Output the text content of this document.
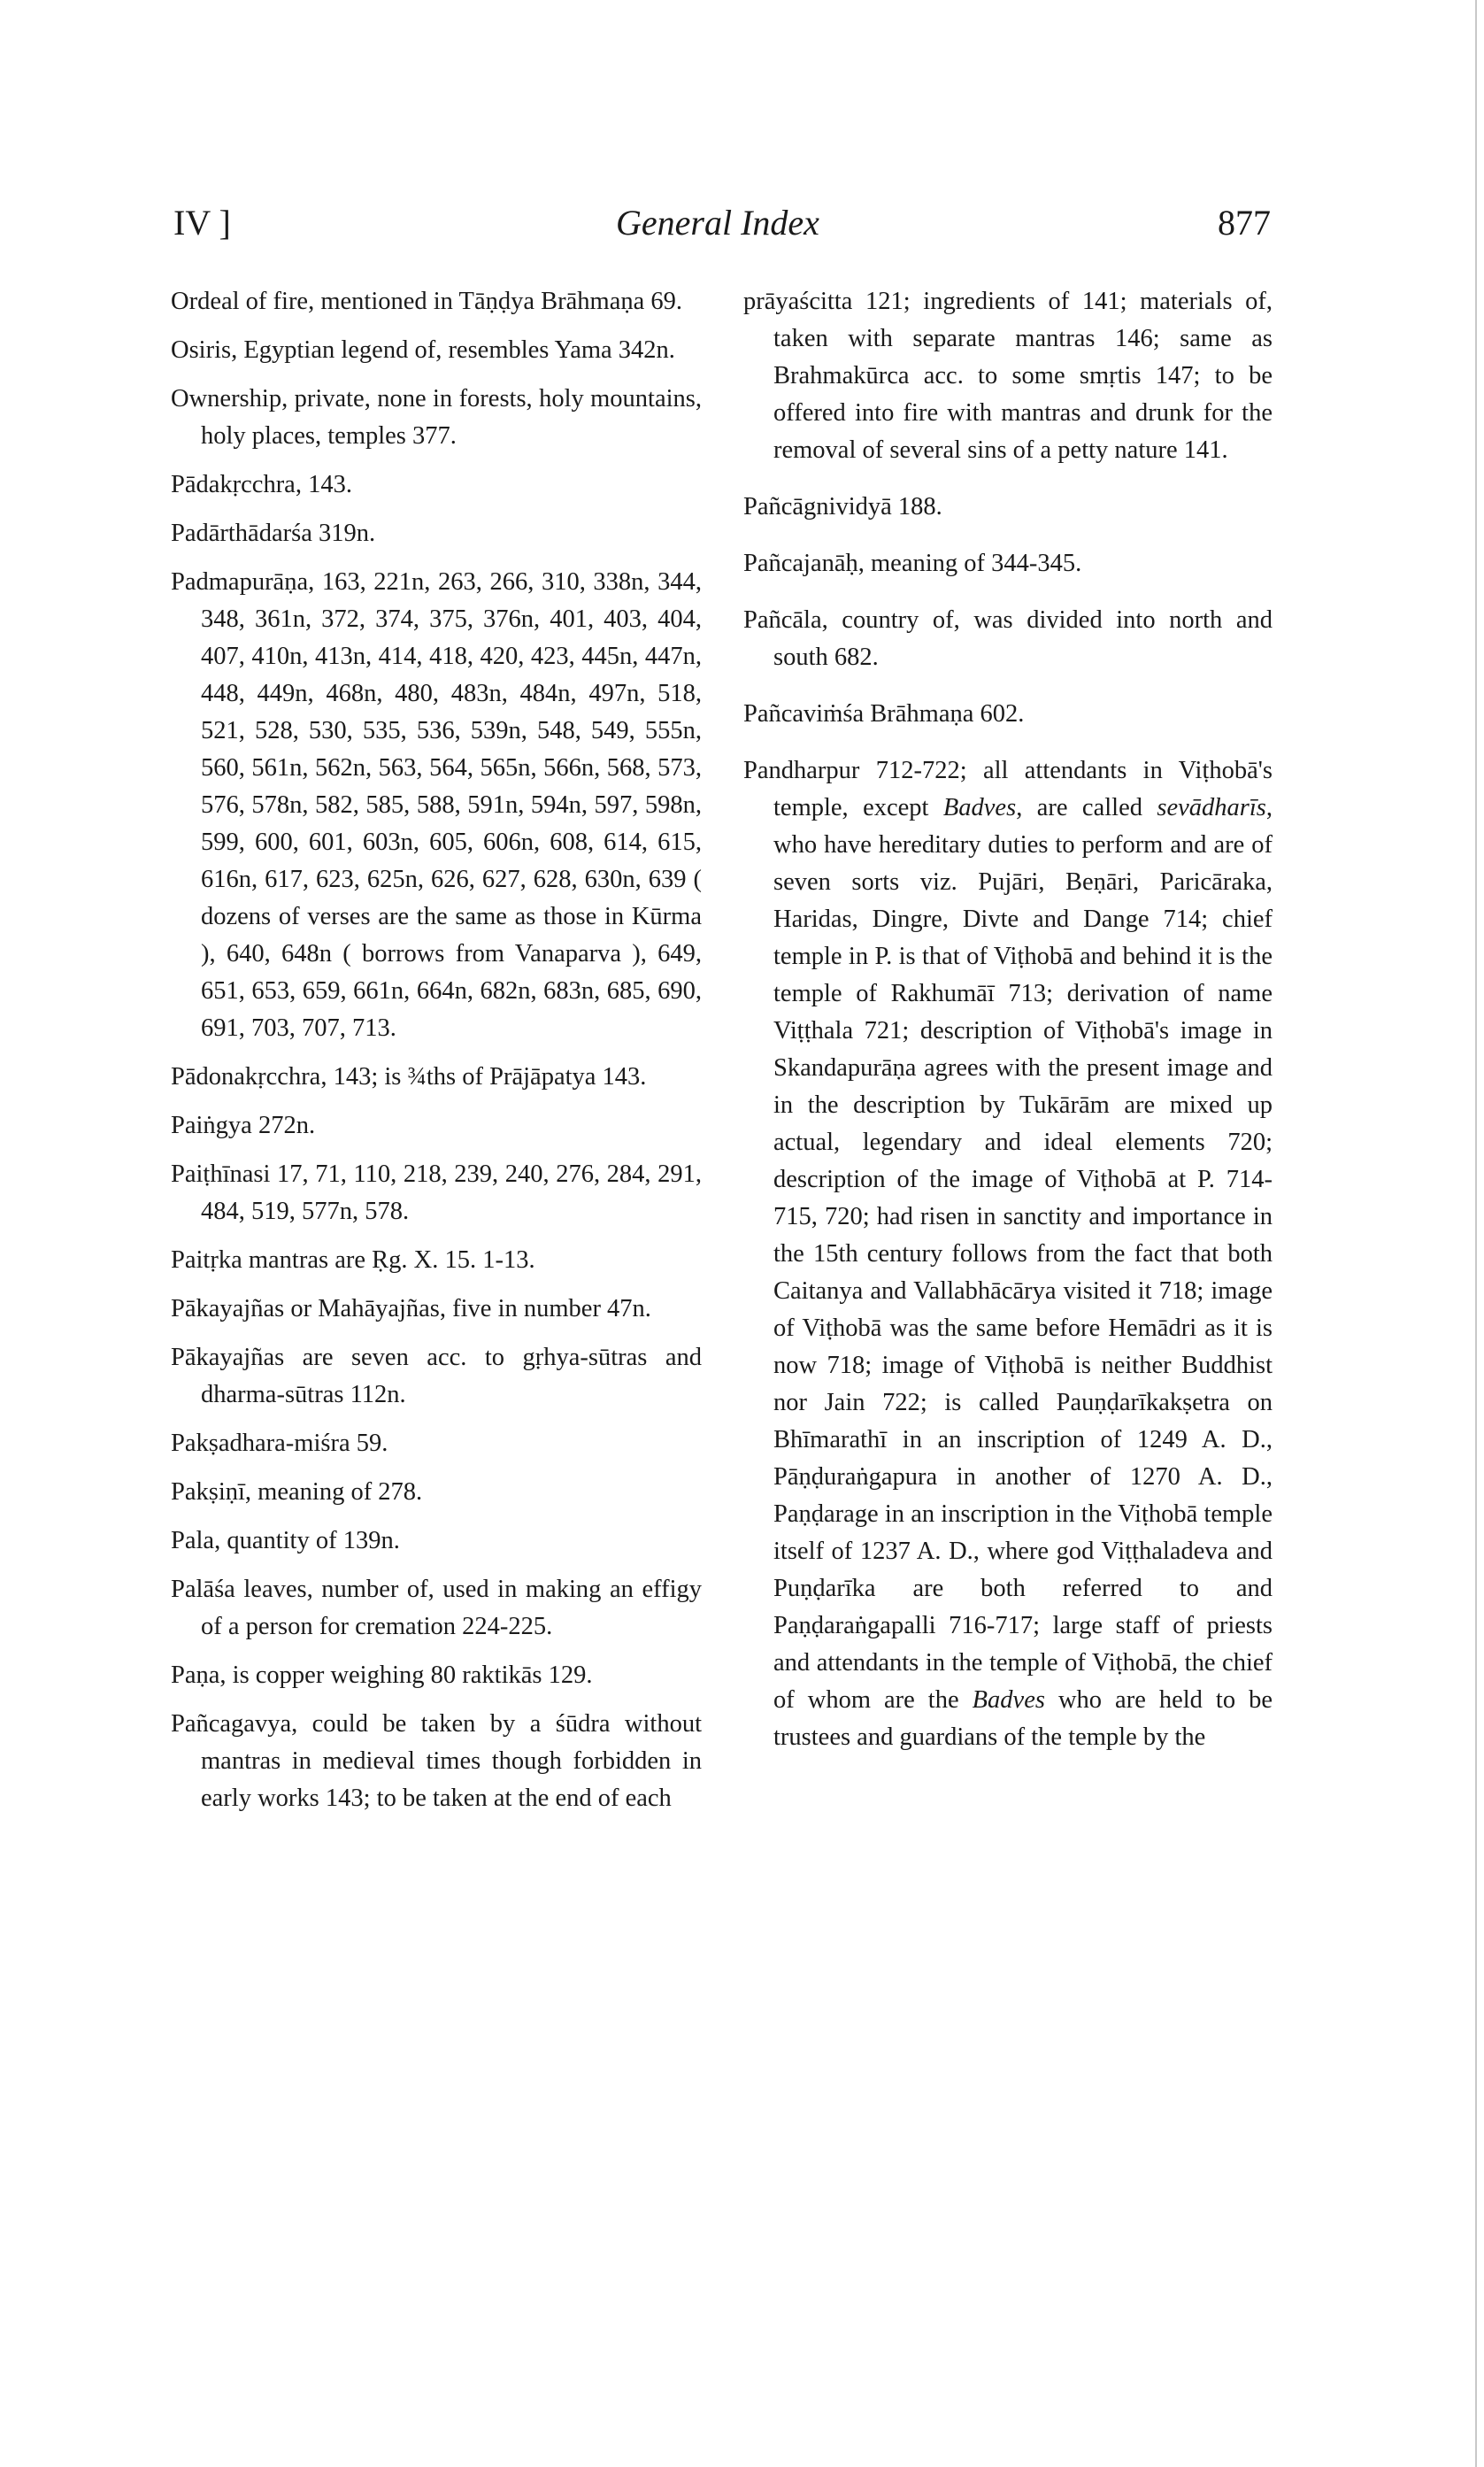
IV ]	General Index	877

Ordeal of fire, mentioned in Tāṇḍya Brāhmaṇa 69.

Osiris, Egyptian legend of, resembles Yama 342n.

Ownership, private, none in forests, holy mountains, holy places, temples 377.

Pādakṛcchra, 143.

Padārthādarśa 319n.

Padmapurāṇa, 163, 221n, 263, 266, 310, 338n, 344, 348, 361n, 372, 374, 375, 376n, 401, 403, 404, 407, 410n, 413n, 414, 418, 420, 423, 445n, 447n, 448, 449n, 468n, 480, 483n, 484n, 497n, 518, 521, 528, 530, 535, 536, 539n, 548, 549, 555n, 560, 561n, 562n, 563, 564, 565n, 566n, 568, 573, 576, 578n, 582, 585, 588, 591n, 594n, 597, 598n, 599, 600, 601, 603n, 605, 606n, 608, 614, 615, 616n, 617, 623, 625n, 626, 627, 628, 630n, 639 ( dozens of verses are the same as those in Kūrma ), 640, 648n ( borrows from Vanaparva ), 649, 651, 653, 659, 661n, 664n, 682n, 683n, 685, 690, 691, 703, 707, 713.

Pādonakṛcchra, 143; is ¾ths of Prājāpatya 143.

Paiṅgya 272n.

Paiṭhīnasi 17, 71, 110, 218, 239, 240, 276, 284, 291, 484, 519, 577n, 578.

Paitṛka mantras are Ṛg. X. 15. 1-13.

Pākayajñas or Mahāyajñas, five in number 47n.

Pākayajñas are seven acc. to gṛhya-sūtras and dharma-sūtras 112n.

Pakṣadhara-miśra 59.

Pakṣiṇī, meaning of 278.

Pala, quantity of 139n.

Palāśa leaves, number of, used in making an effigy of a person for cremation 224-225.

Paṇa, is copper weighing 80 raktikās 129.

Pañcagavya, could be taken by a śūdra without mantras in medieval times though forbidden in early works 143; to be taken at the end of each

prāyaścitta 121; ingredients of 141; materials of, taken with separate mantras 146; same as Brahmakūrca acc. to some smṛtis 147; to be offered into fire with mantras and drunk for the removal of several sins of a petty nature 141.

Pañcāgnividyā 188.

Pañcajanāḥ, meaning of 344-345.

Pañcāla, country of, was divided into north and south 682.

Pañcaviṁśa Brāhmaṇa 602.

Pandharpur 712-722; all attendants in Viṭhobā's temple, except Badves, are called sevādharīs, who have hereditary duties to perform and are of seven sorts viz. Pujāri, Beṇāri, Paricāraka, Haridas, Dingre, Divte and Dange 714; chief temple in P. is that of Viṭhobā and behind it is the temple of Rakhumāī 713; derivation of name Viṭṭhala 721; description of Viṭhobā's image in Skandapurāṇa agrees with the present image and in the description by Tukārām are mixed up actual, legendary and ideal elements 720; description of the image of Viṭhobā at P. 714-715, 720; had risen in sanctity and importance in the 15th century follows from the fact that both Caitanya and Vallabhācārya visited it 718; image of Viṭhobā was the same before Hemādri as it is now 718; image of Viṭhobā is neither Buddhist nor Jain 722; is called Pauṇḍarīkakṣetra on Bhīmarathī in an inscription of 1249 A. D., Pāṇḍuraṅgapura in another of 1270 A. D., Paṇḍarage in an inscription in the Viṭhobā temple itself of 1237 A. D., where god Viṭṭhaladeva and Puṇḍarīka are both referred to and Paṇḍaraṅgapalli 716-717; large staff of priests and attendants in the temple of Viṭhobā, the chief of whom are the Badves who are held to be trustees and guardians of the temple by the
